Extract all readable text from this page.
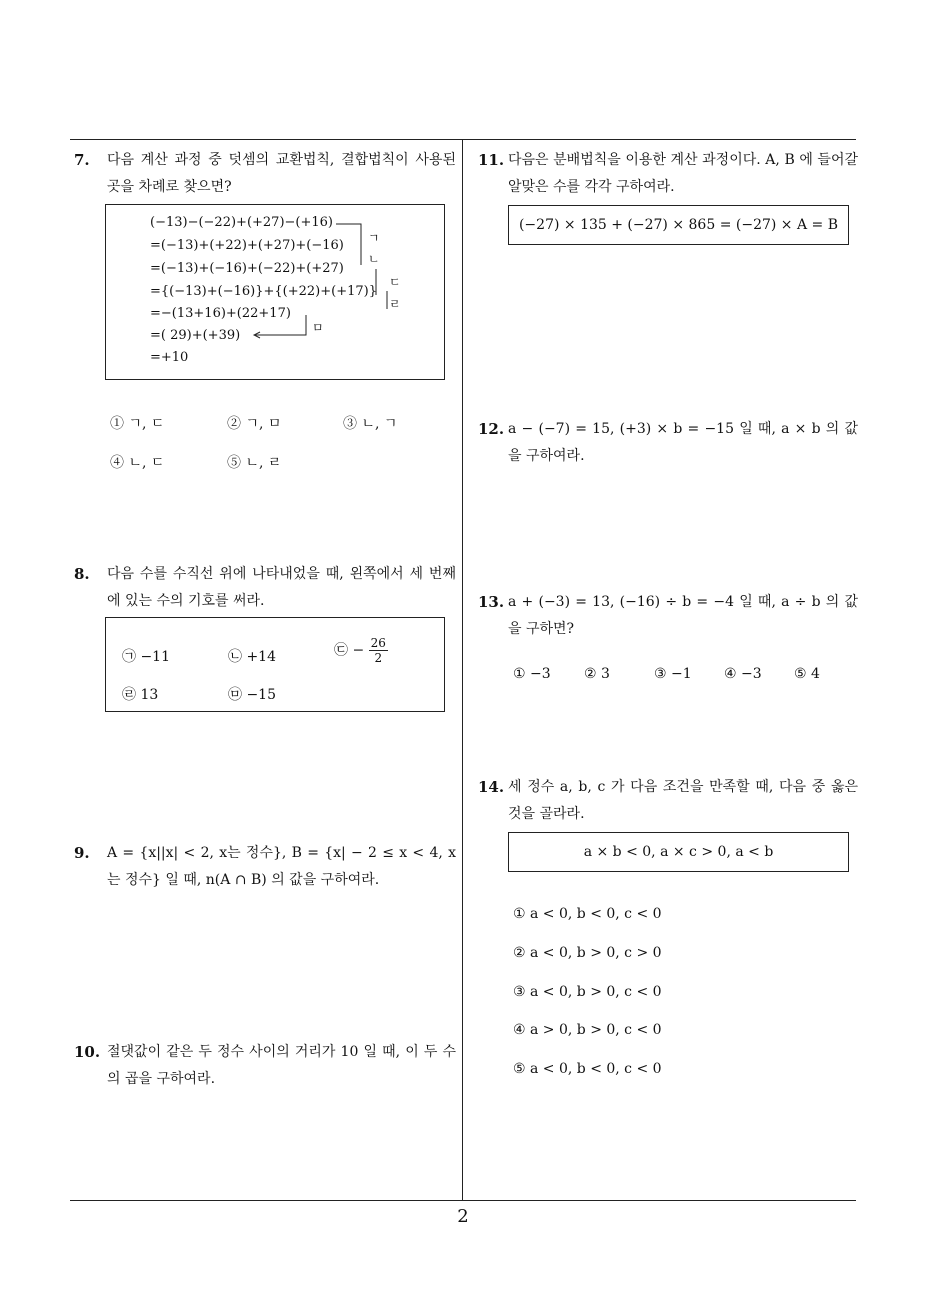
7. 다음 계산 과정 중 덧셈의 교환법칙, 결합법칙이 사용된 곳을 차례로 찾으면?
(−13)−(−22)+(+27)−(+16)
=(−13)+(+22)+(+27)+(−16)
=(−13)+(−16)+(−22)+(+27)
={(−13)+(−16)}+{(+22)+(+17)}
=−(13+16)+(22+17)
=( 29)+(+39)
=+10
ㄱ
ㄴ
ㄷ
ㄹ
ㅁ
① ㄱ, ㄷ	② ㄱ, ㅁ	③ ㄴ, ㄱ
④ ㄴ, ㄷ	⑤ ㄴ, ㄹ
8. 다음 수를 수직선 위에 나타내었을 때, 왼쪽에서 세 번째에 있는 수의 기호를 써라.
㉠ −11	㉡ +14	㉢ − $\frac{26}{2}$
㉣ 13	㉤ −15
9. A = {x||x| < 2, x는 정수}, B = {x| − 2 ≤ x < 4, x는 정수} 일 때, n(A ∩ B) 의 값을 구하여라.
10. 절댓값이 같은 두 정수 사이의 거리가 10 일 때, 이 두 수의 곱을 구하여라.
11. 다음은 분배법칙을 이용한 계산 과정이다. A, B 에 들어갈 알맞은 수를 각각 구하여라.
(−27) × 135 + (−27) × 865 = (−27) × A = B
12. a − (−7) = 15, (+3) × b = −15 일 때, a × b 의 값을 구하여라.
13. a + (−3) = 13, (−16) ÷ b = −4 일 때, a ÷ b 의 값을 구하면?
① −3 ② 3	③ −1 ④ −3 ⑤ 4
14. 세 정수 a, b, c 가 다음 조건을 만족할 때, 다음 중 옳은 것을 골라라.
a × b < 0, a × c > 0, a < b
① a < 0, b < 0, c < 0
② a < 0, b > 0, c > 0
③ a < 0, b > 0, c < 0
④ a > 0, b > 0, c < 0
⑤ a < 0, b < 0, c < 0
2
